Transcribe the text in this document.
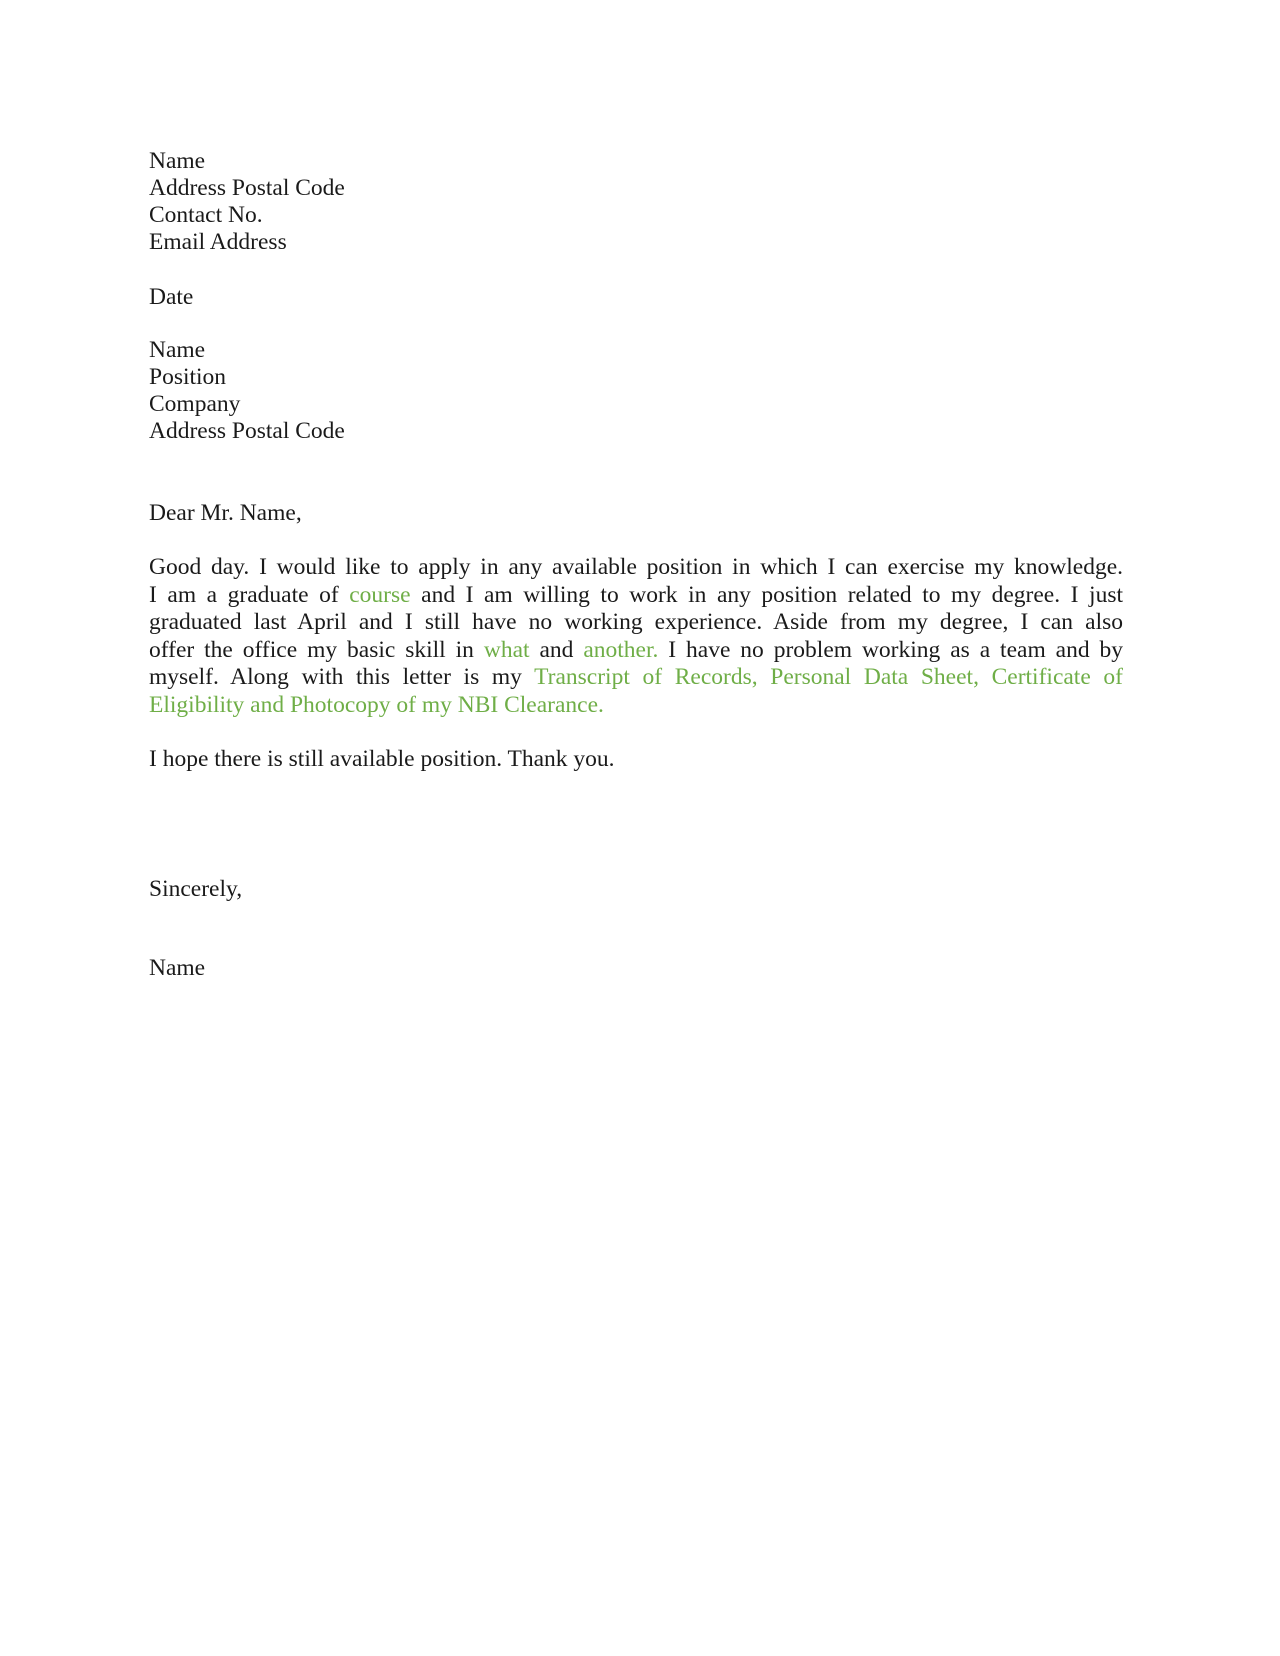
Name
Address Postal Code
Contact No.
Email Address
Date
Name
Position
Company
Address Postal Code
Dear Mr. Name,
Good day. I would like to apply in any available position in which I can exercise my knowledge.
I am a graduate of course and I am willing to work in any position related to my degree. I just
graduated last April and I still have no working experience. Aside from my degree, I can also
offer the office my basic skill in what and another. I have no problem working as a team and by
myself. Along with this letter is my Transcript of Records, Personal Data Sheet, Certificate of
Eligibility and Photocopy of my NBI Clearance.
I hope there is still available position. Thank you.
Sincerely,
Name
